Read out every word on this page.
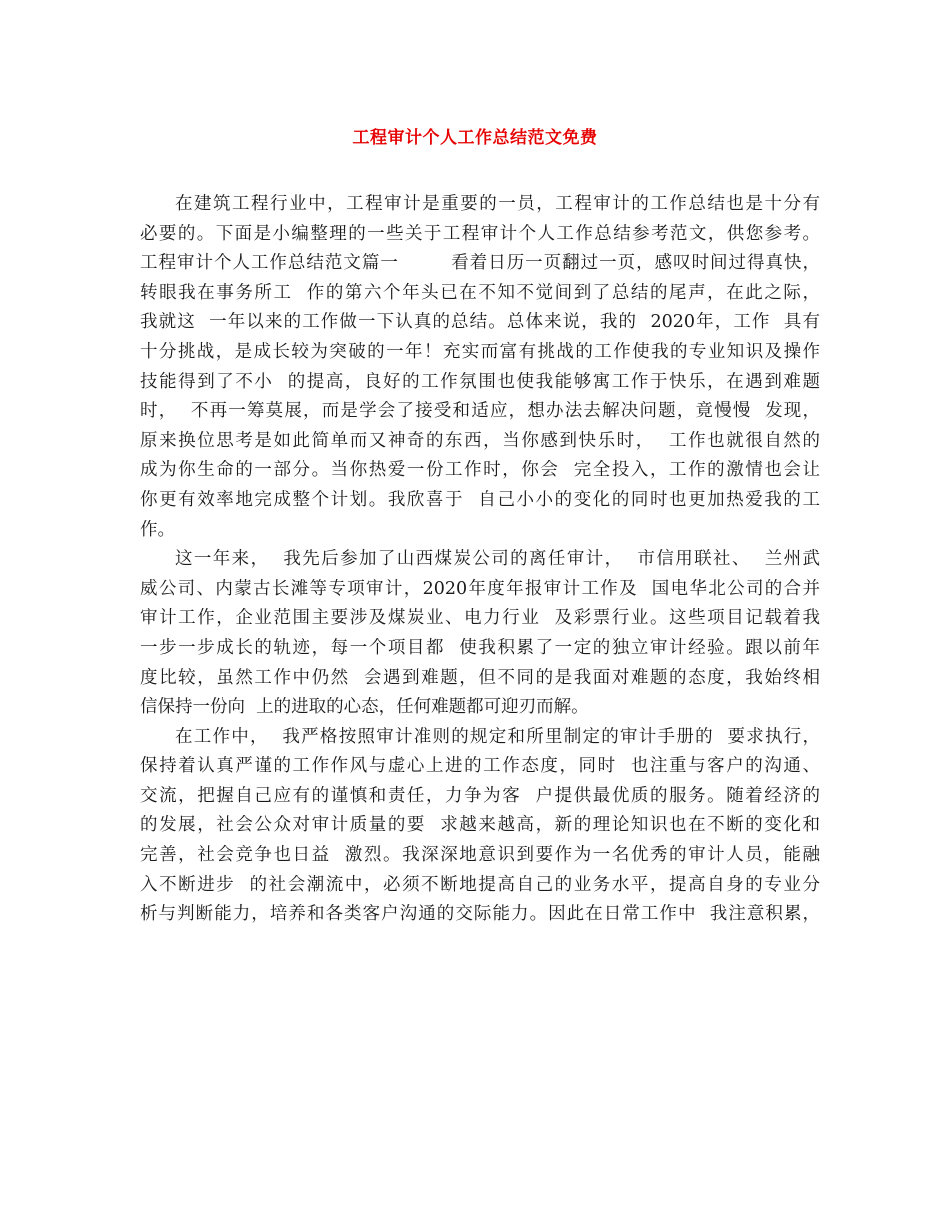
工程审计个人工作总结范文免费
在建筑工程行业中，工程审计是重要的一员，工程审计的工作总结也是十分有
必要的。下面是小编整理的一些关于工程审计个人工作总结参考范文，供您参考。
工程审计个人工作总结范文篇一        看着日历一页翻过一页，感叹时间过得真快，
转眼我在事务所工  作的第六个年头已在不知不觉间到了总结的尾声，在此之际，
我就这  一年以来的工作做一下认真的总结。总体来说，我的  2020年，工作  具有
十分挑战，是成长较为突破的一年！充实而富有挑战的工作使我的专业知识及操作
技能得到了不小  的提高，良好的工作氛围也使我能够寓工作于快乐，在遇到难题
时，  不再一筹莫展，而是学会了接受和适应，想办法去解决问题，竟慢慢  发现，
原来换位思考是如此简单而又神奇的东西，当你感到快乐时，  工作也就很自然的
成为你生命的一部分。当你热爱一份工作时，你会  完全投入，工作的激情也会让
你更有效率地完成整个计划。我欣喜于  自己小小的变化的同时也更加热爱我的工
作。
这一年来，  我先后参加了山西煤炭公司的离任审计，  市信用联社、  兰州武
威公司、内蒙古长滩等专项审计，2020年度年报审计工作及  国电华北公司的合并
审计工作，企业范围主要涉及煤炭业、电力行业  及彩票行业。这些项目记载着我
一步一步成长的轨迹，每一个项目都  使我积累了一定的独立审计经验。跟以前年
度比较，虽然工作中仍然  会遇到难题，但不同的是我面对难题的态度，我始终相
信保持一份向  上的进取的心态，任何难题都可迎刃而解。
在工作中，  我严格按照审计准则的规定和所里制定的审计手册的  要求执行，
保持着认真严谨的工作作风与虚心上进的工作态度，同时  也注重与客户的沟通、
交流，把握自己应有的谨慎和责任，力争为客  户提供最优质的服务。随着经济的
的发展，社会公众对审计质量的要  求越来越高，新的理论知识也在不断的变化和
完善，社会竞争也日益  激烈。我深深地意识到要作为一名优秀的审计人员，能融
入不断进步  的社会潮流中，必须不断地提高自己的业务水平，提高自身的专业分
析与判断能力，培养和各类客户沟通的交际能力。因此在日常工作中  我注意积累，
